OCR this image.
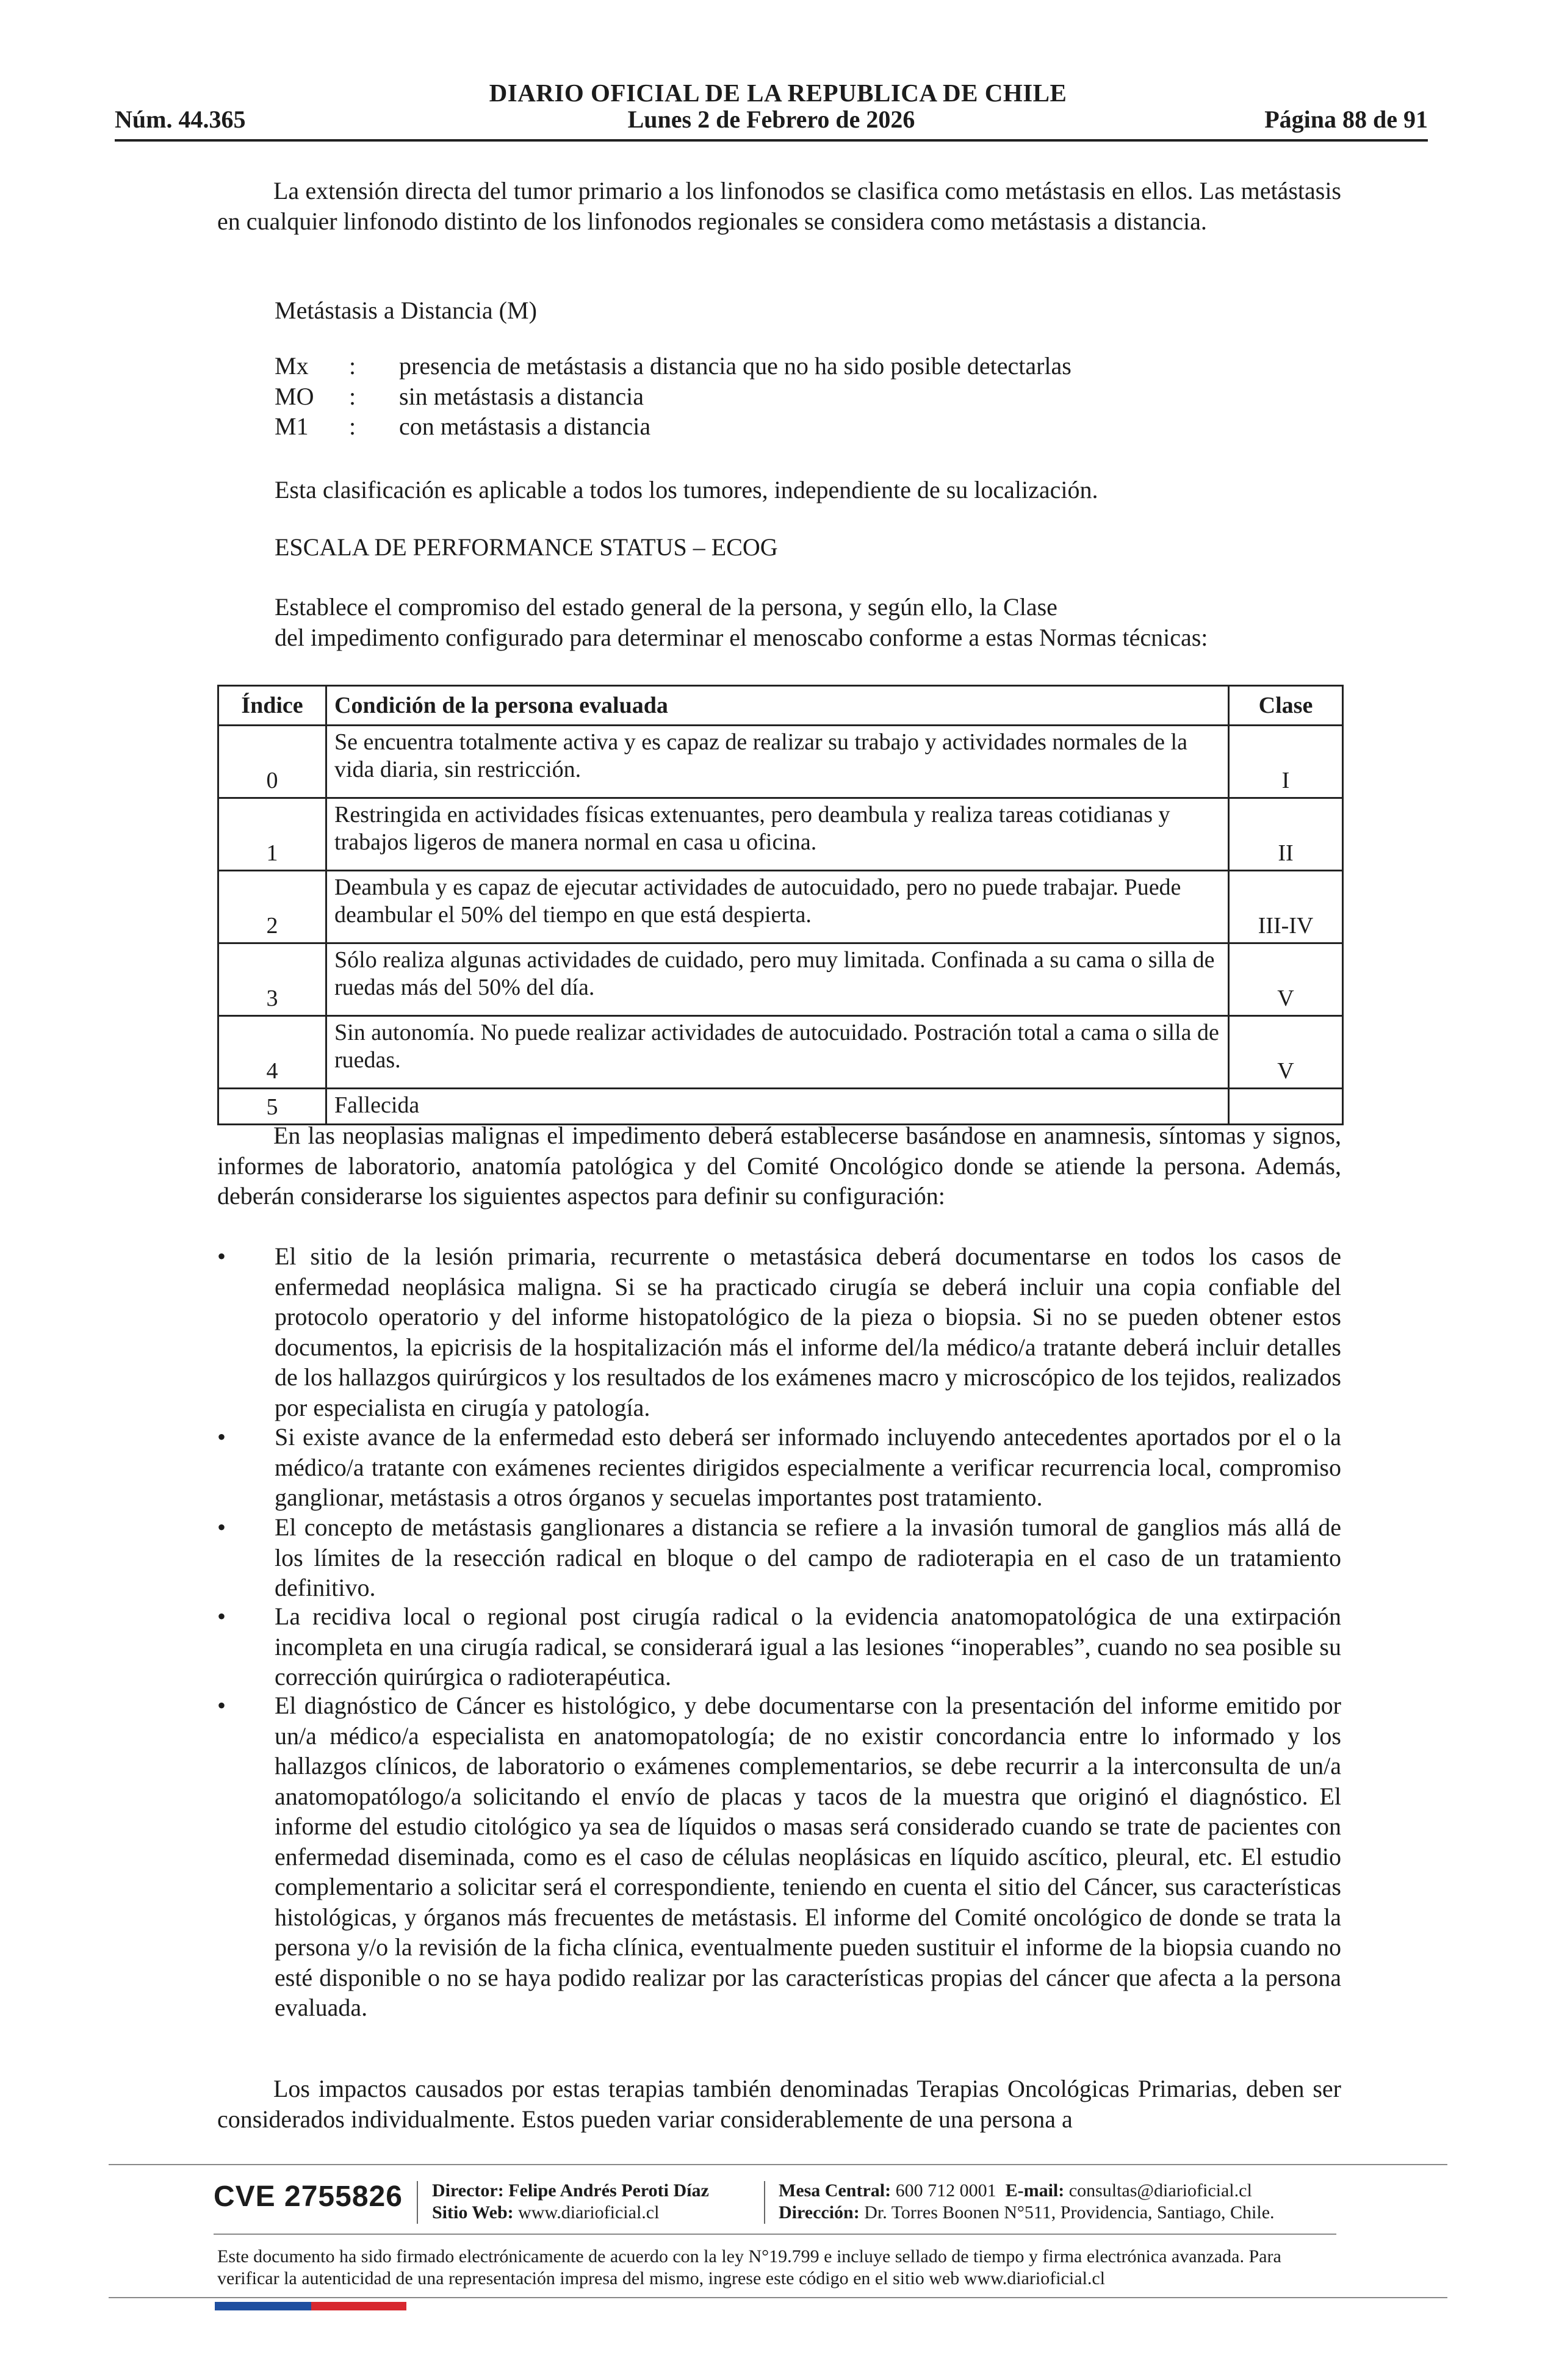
DIARIO OFICIAL DE LA REPUBLICA DE CHILE
Núm. 44.365	Lunes 2 de Febrero de 2026	Página 88 de 91
La extensión directa del tumor primario a los linfonodos se clasifica como metástasis en ellos. Las metástasis en cualquier linfonodo distinto de los linfonodos regionales se considera como metástasis a distancia.
Metástasis a Distancia (M)
Mx	:	presencia de metástasis a distancia que no ha sido posible detectarlas
MO	:	sin metástasis a distancia
M1	:	con metástasis a distancia
Esta clasificación es aplicable a todos los tumores, independiente de su localización.
ESCALA DE PERFORMANCE STATUS – ECOG
Establece el compromiso del estado general de la persona, y según ello, la Clase
del impedimento configurado para determinar el menoscabo conforme a estas Normas técnicas:
Índice	Condición de la persona evaluada	Clase
0	Se encuentra totalmente activa y es capaz de realizar su trabajo y actividades normales de la vida diaria, sin restricción.	I
1	Restringida en actividades físicas extenuantes, pero deambula y realiza tareas cotidianas y trabajos ligeros de manera normal en casa u oficina.	II
2	Deambula y es capaz de ejecutar actividades de autocuidado, pero no puede trabajar. Puede deambular el 50% del tiempo en que está despierta.	III-IV
3	Sólo realiza algunas actividades de cuidado, pero muy limitada. Confinada a su cama o silla de ruedas más del 50% del día.	V
4	Sin autonomía. No puede realizar actividades de autocuidado. Postración total a cama o silla de ruedas.	V
5	Fallecida	
En las neoplasias malignas el impedimento deberá establecerse basándose en anamnesis, síntomas y signos, informes de laboratorio, anatomía patológica y del Comité Oncológico donde se atiende la persona. Además, deberán considerarse los siguientes aspectos para definir su configuración:
•	El sitio de la lesión primaria, recurrente o metastásica deberá documentarse en todos los casos de enfermedad neoplásica maligna. Si se ha practicado cirugía se deberá incluir una copia confiable del protocolo operatorio y del informe histopatológico de la pieza o biopsia. Si no se pueden obtener estos documentos, la epicrisis de la hospitalización más el informe del/la médico/a tratante deberá incluir detalles de los hallazgos quirúrgicos y los resultados de los exámenes macro y microscópico de los tejidos, realizados por especialista en cirugía y patología.
•	Si existe avance de la enfermedad esto deberá ser informado incluyendo antecedentes aportados por el o la médico/a tratante con exámenes recientes dirigidos especialmente a verificar recurrencia local, compromiso ganglionar, metástasis a otros órganos y secuelas importantes post tratamiento.
•	El concepto de metástasis ganglionares a distancia se refiere a la invasión tumoral de ganglios más allá de los límites de la resección radical en bloque o del campo de radioterapia en el caso de un tratamiento definitivo.
•	La recidiva local o regional post cirugía radical o la evidencia anatomopatológica de una extirpación incompleta en una cirugía radical, se considerará igual a las lesiones “inoperables”, cuando no sea posible su corrección quirúrgica o radioterapéutica.
•	El diagnóstico de Cáncer es histológico, y debe documentarse con la presentación del informe emitido por un/a médico/a especialista en anatomopatología; de no existir concordancia entre lo informado y los hallazgos clínicos, de laboratorio o exámenes complementarios, se debe recurrir a la interconsulta de un/a anatomopatólogo/a solicitando el envío de placas y tacos de la muestra que originó el diagnóstico. El informe del estudio citológico ya sea de líquidos o masas será considerado cuando se trate de pacientes con enfermedad diseminada, como es el caso de células neoplásicas en líquido ascítico, pleural, etc. El estudio complementario a solicitar será el correspondiente, teniendo en cuenta el sitio del Cáncer, sus características histológicas, y órganos más frecuentes de metástasis. El informe del Comité oncológico de donde se trata la persona y/o la revisión de la ficha clínica, eventualmente pueden sustituir el informe de la biopsia cuando no esté disponible o no se haya podido realizar por las características propias del cáncer que afecta a la persona evaluada.
Los impactos causados por estas terapias también denominadas Terapias Oncológicas Primarias, deben ser considerados individualmente. Estos pueden variar considerablemente de una persona a
CVE 2755826 Director: Felipe Andrés Peroti Díaz
Sitio Web: www.diarioficial.cl
Mesa Central: 600 712 0001 E-mail: consultas@diarioficial.cl
Dirección: Dr. Torres Boonen N°511, Providencia, Santiago, Chile.
Este documento ha sido firmado electrónicamente de acuerdo con la ley N°19.799 e incluye sellado de tiempo y firma electrónica avanzada. Para verificar la autenticidad de una representación impresa del mismo, ingrese este código en el sitio web www.diarioficial.cl
